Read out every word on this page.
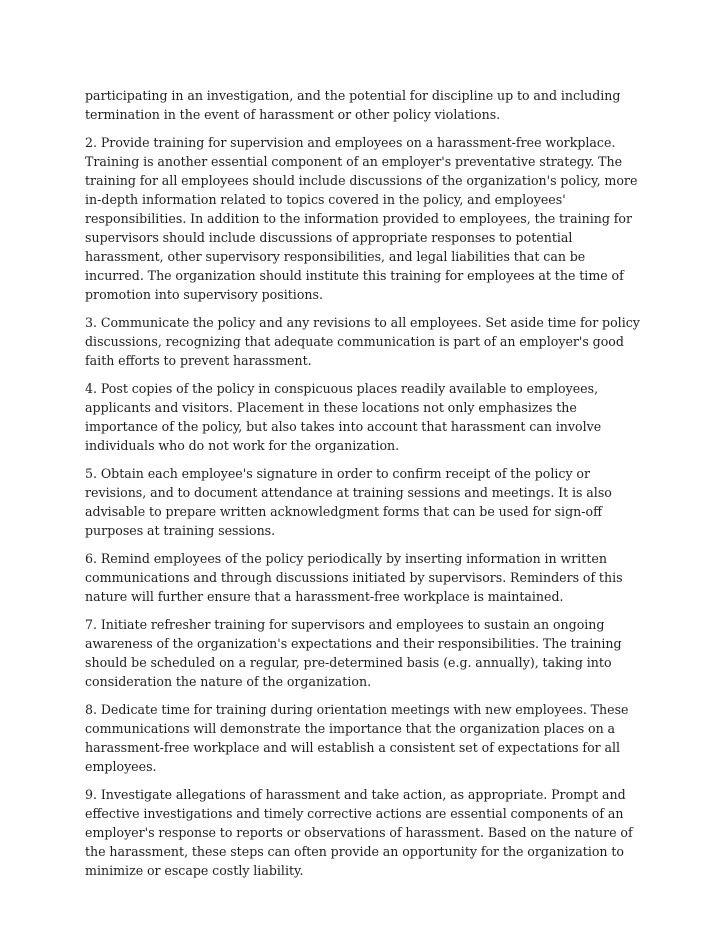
participating in an investigation, and the potential for discipline up to and including termination in the event of harassment or other policy violations.

2. Provide training for supervision and employees on a harassment-free workplace. Training is another essential component of an employer's preventative strategy. The training for all employees should include discussions of the organization's policy, more in-depth information related to topics covered in the policy, and employees' responsibilities. In addition to the information provided to employees, the training for supervisors should include discussions of appropriate responses to potential harassment, other supervisory responsibilities, and legal liabilities that can be incurred. The organization should institute this training for employees at the time of promotion into supervisory positions.

3. Communicate the policy and any revisions to all employees. Set aside time for policy discussions, recognizing that adequate communication is part of an employer's good faith efforts to prevent harassment.

4. Post copies of the policy in conspicuous places readily available to employees, applicants and visitors. Placement in these locations not only emphasizes the importance of the policy, but also takes into account that harassment can involve individuals who do not work for the organization.

5. Obtain each employee's signature in order to confirm receipt of the policy or revisions, and to document attendance at training sessions and meetings. It is also advisable to prepare written acknowledgment forms that can be used for sign-off purposes at training sessions.

6. Remind employees of the policy periodically by inserting information in written communications and through discussions initiated by supervisors. Reminders of this nature will further ensure that a harassment-free workplace is maintained.

7. Initiate refresher training for supervisors and employees to sustain an ongoing awareness of the organization's expectations and their responsibilities. The training should be scheduled on a regular, pre-determined basis (e.g. annually), taking into consideration the nature of the organization.

8. Dedicate time for training during orientation meetings with new employees. These communications will demonstrate the importance that the organization places on a harassment-free workplace and will establish a consistent set of expectations for all employees.

9. Investigate allegations of harassment and take action, as appropriate. Prompt and effective investigations and timely corrective actions are essential components of an employer's response to reports or observations of harassment. Based on the nature of the harassment, these steps can often provide an opportunity for the organization to minimize or escape costly liability.
